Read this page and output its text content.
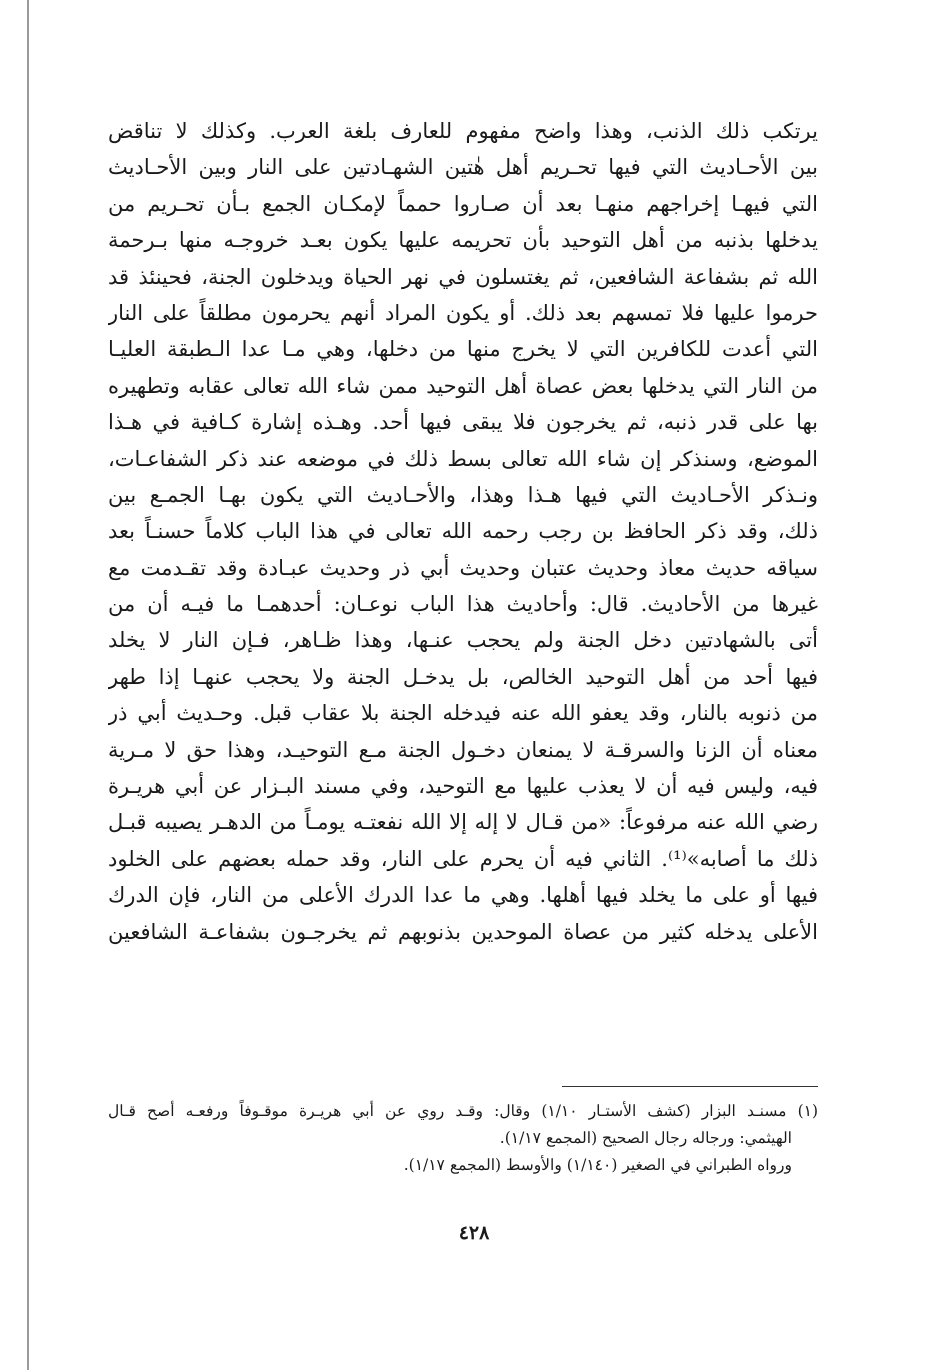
يرتكب ذلك الذنب، وهذا واضح مفهوم للعارف بلغة العرب. وكذلك لا تناقض
بين الأحـاديث التي فيها تحـريم أهل هٰتين الشهـادتين على النار وبين الأحـاديث
التي فيهـا إخراجهم منهـا بعد أن صـاروا حمماً لإمكـان الجمع بـأن تحـريم من
يدخلها بذنبه من أهل التوحيد بأن تحريمه عليها يكون بعـد خروجـه منها بـرحمة
الله ثم بشفاعة الشافعين، ثم يغتسلون في نهر الحياة ويدخلون الجنة، فحينئذ قد
حرموا عليها فلا تمسهم بعد ذلك. أو يكون المراد أنهم يحرمون مطلقاً على النار
التي أعدت للكافرين التي لا يخرج منها من دخلها، وهي مـا عدا الـطبقة العليـا
من النار التي يدخلها بعض عصاة أهل التوحيد ممن شاء الله تعالى عقابه وتطهيره
بها على قدر ذنبه، ثم يخرجون فلا يبقى فيها أحد. وهـذه إشارة كـافية في هـذا
الموضع، وسنذكر إن شاء الله تعالى بسط ذلك في موضعه عند ذكر الشفاعـات،
ونـذكر الأحـاديث التي فيها هـذا وهذا، والأحـاديث التي يكون بهـا الجمـع بين
ذلك، وقد ذكر الحافظ بن رجب رحمه الله تعالى في هذا الباب كلاماً حسنـاً بعد
سياقه حديث معاذ وحديث عتبان وحديث أبي ذر وحديث عبـادة وقد تقـدمت مع
غيرها من الأحاديث. قال: وأحاديث هذا الباب نوعـان: أحدهمـا ما فيـه أن من
أتى بالشهادتين دخل الجنة ولم يحجب عنـها، وهذا ظـاهر، فـإن النار لا يخلد
فيها أحد من أهل التوحيد الخالص، بل يدخـل الجنة ولا يحجب عنهـا إذا طهر
من ذنوبه بالنار، وقد يعفو الله عنه فيدخله الجنة بلا عقاب قبل. وحـديث أبي ذر
معناه أن الزنا والسرقـة لا يمنعان دخـول الجنة مـع التوحيـد، وهذا حق لا مـرية
فيه، وليس فيه أن لا يعذب عليها مع التوحيد، وفي مسند البـزار عن أبي هريـرة
رضي الله عنه مرفوعاً: «من قـال لا إله إلا الله نفعتـه يومـاً من الدهـر يصيبه قبـل
ذلك ما أصابه»⁽¹⁾. الثاني فيه أن يحرم على النار، وقد حمله بعضهم على الخلود
فيها أو على ما يخلد فيها أهلها. وهي ما عدا الدرك الأعلى من النار، فإن الدرك
الأعلى يدخله كثير من عصاة الموحدين بذنوبهم ثم يخرجـون بشفاعـة الشافعين
(١) مسنـد البزار (كشف الأستـار ١/١٠) وقال: وقـد روي عن أبي هريـرة موقـوفاً ورفعـه أصح قـال
الهيثمي: ورجاله رجال الصحيح (المجمع ١/١٧).
ورواه الطبراني في الصغير (١/١٤٠) والأوسط (المجمع ١/١٧).
٤٢٨
